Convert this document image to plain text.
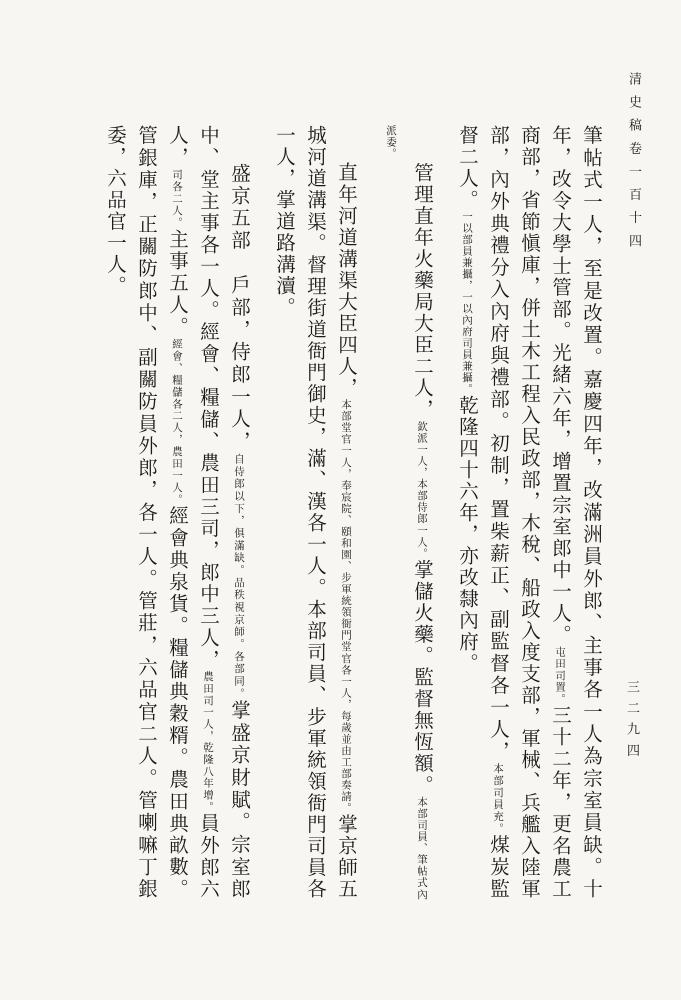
清 史 稿 卷 一 百 十 四
三 二 九 四

筆帖式一人，至是改置。嘉慶四年，改滿洲員外郎、主事各一人為宗室員缺。十年，改令大學士管部。光緒六年，增置宗室郎中一人。屯田司置。三十二年，更名農工商部，省節愼庫，併土木工程入民政部，木稅、船政入度支部，軍械、兵艦入陸軍部，內外典禮分入內府與禮部。初制，置柴薪正、副監督各一人，本部司員充。煤炭監督二人。一以部員兼攝，一以內府司員兼攝。乾隆四十六年，亦改隸內府。

管理直年火藥局大臣二人，欽派一人，本部侍郎一人。掌儲火藥。監督無恆額。本部司員、筆帖式內派委。

直年河道溝渠大臣四人，本部堂官一人，奉宸院、頤和園、步軍統領衙門堂官各一人，每歲並由工部奏請。掌京師五城河道溝渠。督理街道衙門御史，滿、漢各一人。本部司員、步軍統領衙門司員各一人，掌道路溝瀆。

盛京五部　戶部，侍郎一人，自侍郎以下，俱滿缺。品秩視京師。各部同。掌盛京財賦。宗室郎中、堂主事各一人。經會、糧儲、農田三司，郎中三人，農田司一人，乾隆八年增。員外郎六人，司各二人。主事五人。經會、糧儲各二人，農田一人。經會典泉貨。糧儲典穀糈。農田典畝數。管銀庫，正關防郎中、副關防員外郎，各一人。管莊，六品官二人。管喇嘛丁銀委，六品官一人。
